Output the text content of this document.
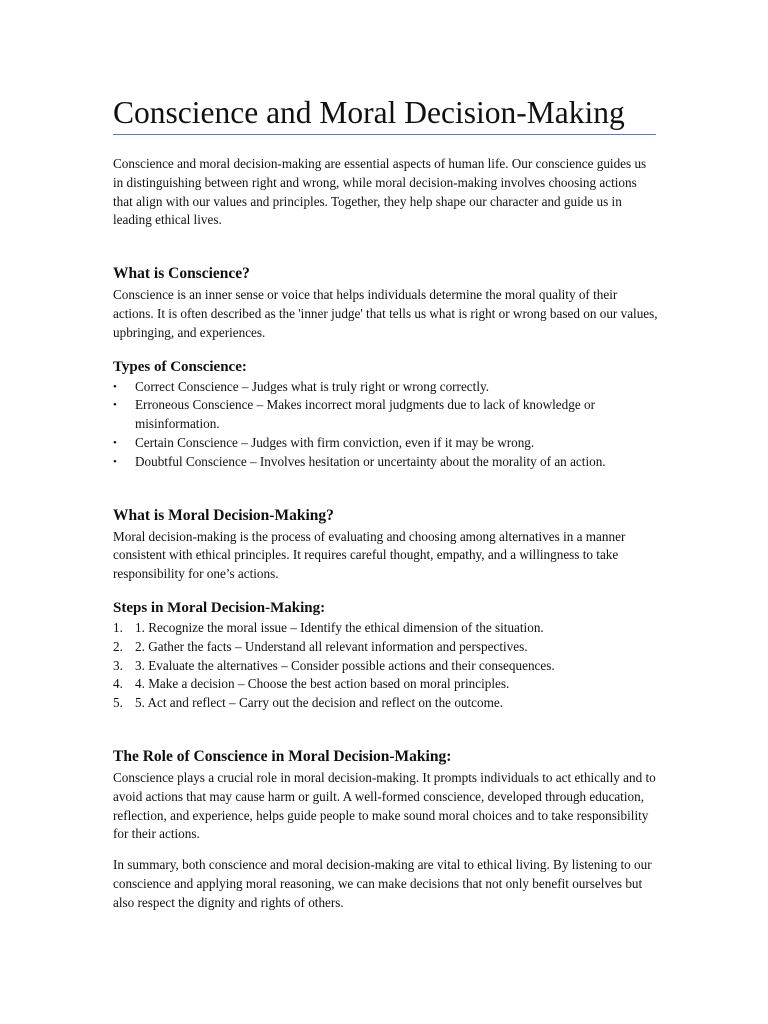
Conscience and Moral Decision-Making

Conscience and moral decision-making are essential aspects of human life. Our conscience guides us in distinguishing between right and wrong, while moral decision-making involves choosing actions that align with our values and principles. Together, they help shape our character and guide us in leading ethical lives.

What is Conscience?

Conscience is an inner sense or voice that helps individuals determine the moral quality of their actions. It is often described as the 'inner judge' that tells us what is right or wrong based on our values, upbringing, and experiences.

Types of Conscience:
•	Correct Conscience – Judges what is truly right or wrong correctly.
•	Erroneous Conscience – Makes incorrect moral judgments due to lack of knowledge or misinformation.
•	Certain Conscience – Judges with firm conviction, even if it may be wrong.
•	Doubtful Conscience – Involves hesitation or uncertainty about the morality of an action.
What is Moral Decision-Making?

Moral decision-making is the process of evaluating and choosing among alternatives in a manner consistent with ethical principles. It requires careful thought, empathy, and a willingness to take responsibility for one’s actions.

Steps in Moral Decision-Making:
1. 1. Recognize the moral issue – Identify the ethical dimension of the situation.
2. 2. Gather the facts – Understand all relevant information and perspectives.
3. 3. Evaluate the alternatives – Consider possible actions and their consequences.
4. 4. Make a decision – Choose the best action based on moral principles.
5. 5. Act and reflect – Carry out the decision and reflect on the outcome.
The Role of Conscience in Moral Decision-Making:

Conscience plays a crucial role in moral decision-making. It prompts individuals to act ethically and to avoid actions that may cause harm or guilt. A well-formed conscience, developed through education, reflection, and experience, helps guide people to make sound moral choices and to take responsibility for their actions.

In summary, both conscience and moral decision-making are vital to ethical living. By listening to our conscience and applying moral reasoning, we can make decisions that not only benefit ourselves but also respect the dignity and rights of others.
